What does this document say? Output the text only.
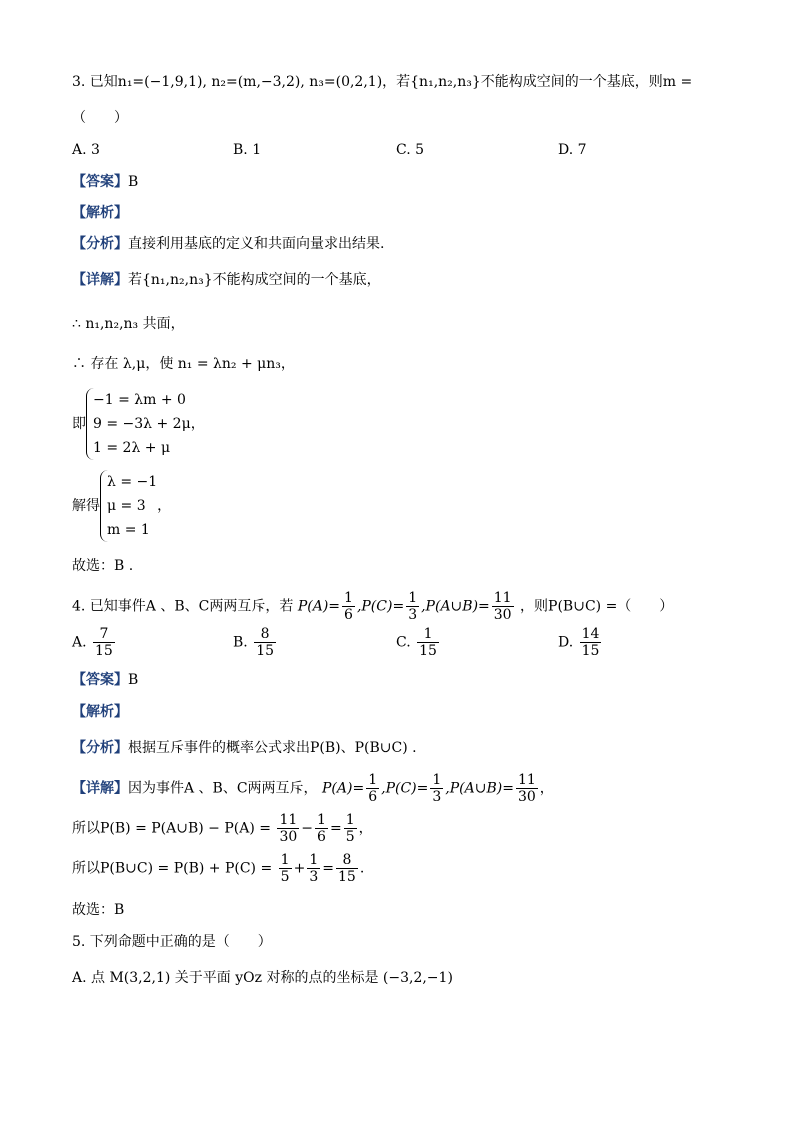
3. 已知n₁=(−1,9,1), n₂=(m,−3,2), n₃=(0,2,1)，若{n₁,n₂,n₃}不能构成空间的一个基底，则m =
（　　）
A. 3	B. 1	C. 5	D. 7
【答案】B
【解析】
【分析】直接利用基底的定义和共面向量求出结果.
【详解】若{n₁,n₂,n₃}不能构成空间的一个基底，
∴ n₁,n₂,n₃ 共面，
∴ 存在 λ,μ，使 n₁ = λn₂ + μn₃，
即
−1 = λm + 0
9 = −3λ + 2μ
1 = 2λ + μ
，
解得
λ = −1
μ = 3
m = 1
，
故选：B .
4. 已知事件A 、B、C两两互斥，若 $P(A)= \frac{1}{6} ,P(C)= \frac{1}{3}$ ,P(A∪B)= $\frac{11}{30}$ ，则P(B∪C) =（　　）
A. $\frac{7}{15}$	B. $\frac{8}{15}$	C. $\frac{1}{15}$	D. $\frac{14}{15}$
【答案】B
【解析】
【分析】根据互斥事件的概率公式求出P(B)、P(B∪C) .
【详解】因为事件A 、B、C两两互斥， $P(A)= \frac{1}{6} ,P(C)= \frac{1}{3}$ ,P(A∪B)= $\frac{11}{30}$ ，
所以P(B) = P(A∪B) − $P(A) = \frac{11}{30} - \frac{1}{6} = \frac{1}{5}$ ，
所以P(B∪C) = $P(B) + P(C) = \frac{1}{5} + \frac{1}{3} = \frac{8}{15}$ .
故选：B
5. 下列命题中正确的是（　　）
A. 点 M(3,2,1) 关于平面 yOz 对称的点的坐标是 (−3,2,−1)
